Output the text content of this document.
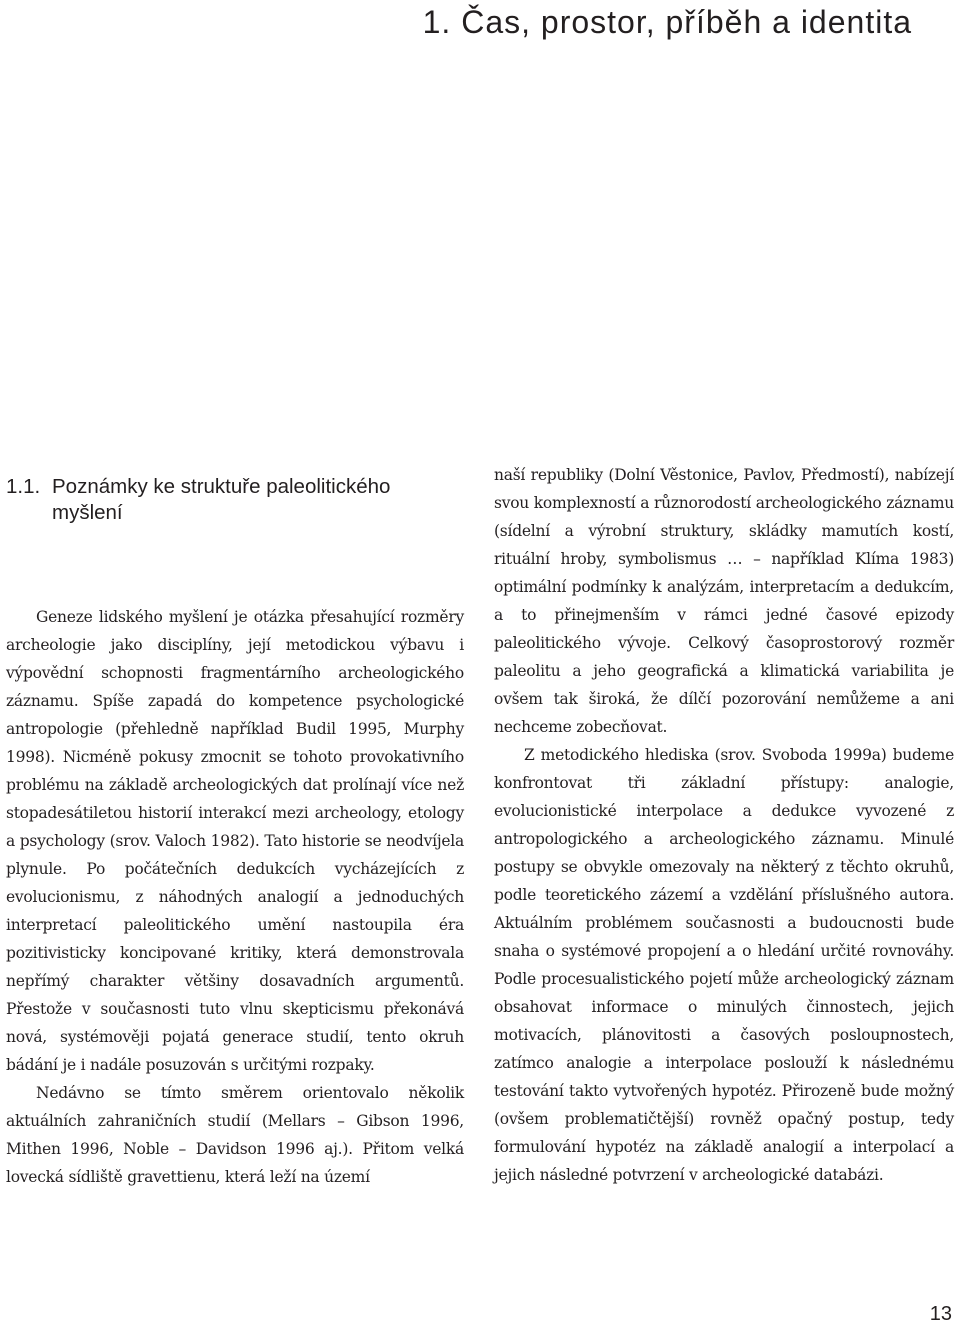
1. Čas, prostor, příběh a identita
1.1. Poznámky ke struktuře paleolitického myšlení

Geneze lidského myšlení je otázka přesahující rozměry archeologie jako disciplíny, její metodickou výbavu i výpovědní schopnosti fragmentárního archeologického záznamu. Spíše zapadá do kompetence psychologické antropologie (přehledně například Budil 1995, Murphy 1998). Nicméně pokusy zmocnit se tohoto provokativního problému na základě archeologických dat prolínají více než stopadesátiletou historií interakcí mezi archeology, etology a psychology (srov. Valoch 1982). Tato historie se neodvíjela plynule. Po počátečních dedukcích vycházejících z evolucionismu, z náhodných analogií a jednoduchých interpretací paleolitického umění nastoupila éra pozitivisticky koncipované kritiky, která demonstrovala nepřímý charakter většiny dosavadních argumentů. Přestože v současnosti tuto vlnu skepticismu překonává nová, systémověji pojatá generace studií, tento okruh bádání je i nadále posuzován s určitými rozpaky.

Nedávno se tímto směrem orientovalo několik aktuálních zahraničních studií (Mellars – Gibson 1996, Mithen 1996, Noble – Davidson 1996 aj.). Přitom velká lovecká sídliště gravettienu, která leží na území

naší republiky (Dolní Věstonice, Pavlov, Předmostí), nabízejí svou komplexností a různorodostí archeologického záznamu (sídelní a výrobní struktury, skládky mamutích kostí, rituální hroby, symbolismus … – například Klíma 1983) optimální podmínky k analýzám, interpretacím a dedukcím, a to přinejmenším v rámci jedné časové epizody paleolitického vývoje. Celkový časoprostorový rozměr paleolitu a jeho geografická a klimatická variabilita je ovšem tak široká, že dílčí pozorování nemůžeme a ani nechceme zobecňovat.

Z metodického hlediska (srov. Svoboda 1999a) budeme konfrontovat tři základní přístupy: analogie, evolucionistické interpolace a dedukce vyvozené z antropologického a archeologického záznamu. Minulé postupy se obvykle omezovaly na některý z těchto okruhů, podle teoretického zázemí a vzdělání příslušného autora. Aktuálním problémem současnosti a budoucnosti bude snaha o systémové propojení a o hledání určité rovnováhy. Podle procesualistického pojetí může archeologický záznam obsahovat informace o minulých činnostech, jejich motivacích, plánovitosti a časových posloupnostech, zatímco analogie a interpolace poslouží k následnému testování takto vytvořených hypotéz. Přirozeně bude možný (ovšem problematičtější) rovněž opačný postup, tedy formulování hypotéz na základě analogií a interpolací a jejich následné potvrzení v archeologické databázi.

13
